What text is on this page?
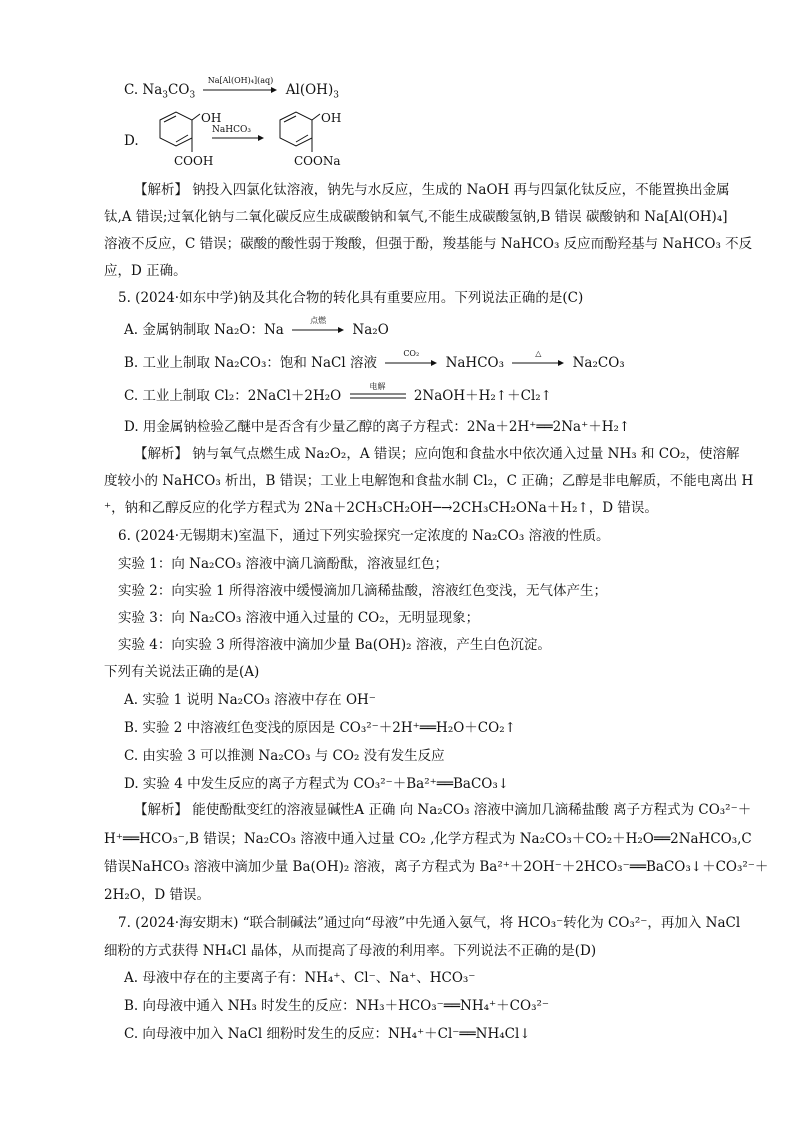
C. $Na_3CO_3$
Na[Al(OH)₄](aq)
$Al(OH)_3$
D.
OH
COOH
NaHCO₃
OH
COONa
【解析】 钠投入四氯化钛溶液，钠先与水反应，生成的 NaOH 再与四氯化钛反应，不能置换出金属
钛,A 错误;过氧化钠与二氧化碳反应生成碳酸钠和氧气,不能生成碳酸氢钠,B 错误 碳酸钠和 Na[Al(OH)₄]
溶液不反应，C 错误；碳酸的酸性弱于羧酸，但强于酚，羧基能与 NaHCO₃ 反应而酚羟基与 NaHCO₃ 不反
应，D 正确。
5. (2024·如东中学)钠及其化合物的转化具有重要应用。下列说法正确的是(C)
A. 金属钠制取 Na₂O：Na
点燃
Na₂O
B. 工业上制取 Na₂CO₃：饱和 NaCl 溶液
CO₂
NaHCO₃
△
Na₂CO₃
C. 工业上制取 Cl₂：2NaCl＋2H₂O
电解
2NaOH＋H₂↑＋Cl₂↑
D. 用金属钠检验乙醚中是否含有少量乙醇的离子方程式：2Na＋2H⁺══2Na⁺＋H₂↑
【解析】 钠与氧气点燃生成 Na₂O₂，A 错误；应向饱和食盐水中依次通入过量 NH₃ 和 CO₂，使溶解
度较小的 NaHCO₃ 析出，B 错误；工业上电解饱和食盐水制 Cl₂，C 正确；乙醇是非电解质，不能电离出 H
⁺，钠和乙醇反应的化学方程式为 2Na＋2CH₃CH₂OH─→2CH₃CH₂ONa＋H₂↑，D 错误。
6. (2024·无锡期末)室温下，通过下列实验探究一定浓度的 Na₂CO₃ 溶液的性质。
实验 1：向 Na₂CO₃ 溶液中滴几滴酚酞，溶液显红色；
实验 2：向实验 1 所得溶液中缓慢滴加几滴稀盐酸，溶液红色变浅，无气体产生；
实验 3：向 Na₂CO₃ 溶液中通入过量的 CO₂，无明显现象；
实验 4：向实验 3 所得溶液中滴加少量 Ba(OH)₂ 溶液，产生白色沉淀。
下列有关说法正确的是(A)
A. 实验 1 说明 Na₂CO₃ 溶液中存在 OH⁻
B. 实验 2 中溶液红色变浅的原因是 CO₃²⁻＋2H⁺══H₂O＋CO₂↑
C. 由实验 3 可以推测 Na₂CO₃ 与 CO₂ 没有发生反应
D. 实验 4 中发生反应的离子方程式为 CO₃²⁻＋Ba²⁺══BaCO₃↓
【解析】 能使酚酞变红的溶液显碱性A 正确 向 Na₂CO₃ 溶液中滴加几滴稀盐酸 离子方程式为 CO₃²⁻＋
H⁺══HCO₃⁻,B 错误；Na₂CO₃ 溶液中通入过量 CO₂ ,化学方程式为 Na₂CO₃＋CO₂＋H₂O══2NaHCO₃,C
错误NaHCO₃ 溶液中滴加少量 Ba(OH)₂ 溶液，离子方程式为 Ba²⁺＋2OH⁻＋2HCO₃⁻══BaCO₃↓＋CO₃²⁻＋
2H₂O，D 错误。
7. (2024·海安期末) “联合制碱法”通过向“母液”中先通入氨气，将 HCO₃⁻转化为 CO₃²⁻，再加入 NaCl
细粉的方式获得 NH₄Cl 晶体，从而提高了母液的利用率。下列说法不正确的是(D)
A. 母液中存在的主要离子有：NH₄⁺、Cl⁻、Na⁺、HCO₃⁻
B. 向母液中通入 NH₃ 时发生的反应：NH₃＋HCO₃⁻══NH₄⁺＋CO₃²⁻
C. 向母液中加入 NaCl 细粉时发生的反应：NH₄⁺＋Cl⁻══NH₄Cl↓
